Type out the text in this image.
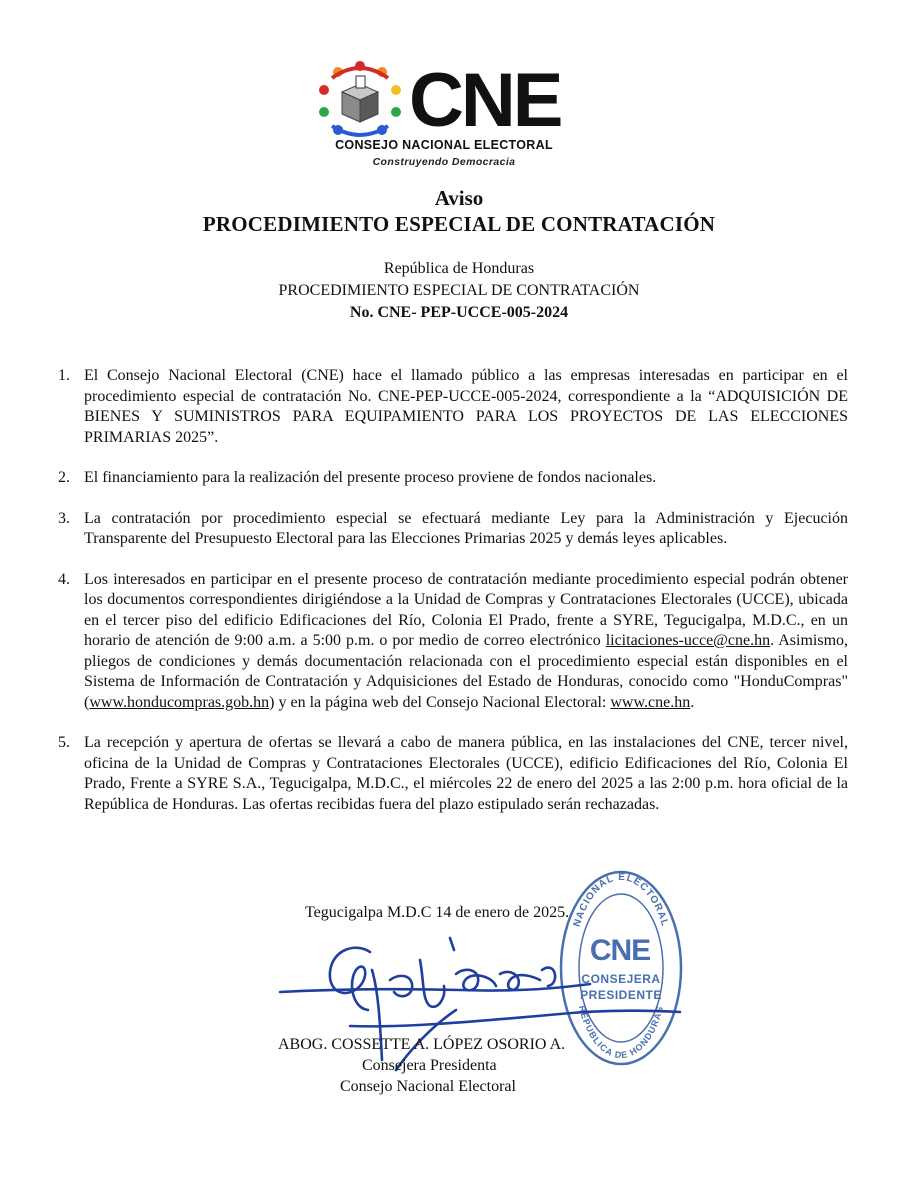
CNE
CONSEJO NACIONAL ELECTORAL
Construyendo Democracia
Aviso
PROCEDIMIENTO ESPECIAL DE CONTRATACIÓN
República de Honduras
PROCEDIMIENTO ESPECIAL DE CONTRATACIÓN
No. CNE- PEP-UCCE-005-2024
1. El Consejo Nacional Electoral (CNE) hace el llamado público a las empresas interesadas en participar en el procedimiento especial de contratación No. CNE-PEP-UCCE-005-2024, correspondiente a la “ADQUISICIÓN DE BIENES Y SUMINISTROS PARA EQUIPAMIENTO PARA LOS PROYECTOS DE LAS ELECCIONES PRIMARIAS 2025”.
2. El financiamiento para la realización del presente proceso proviene de fondos nacionales.
3. La contratación por procedimiento especial se efectuará mediante Ley para la Administración y Ejecución Transparente del Presupuesto Electoral para las Elecciones Primarias 2025 y demás leyes aplicables.
4. Los interesados en participar en el presente proceso de contratación mediante procedimiento especial podrán obtener los documentos correspondientes dirigiéndose a la Unidad de Compras y Contrataciones Electorales (UCCE), ubicada en el tercer piso del edificio Edificaciones del Río, Colonia El Prado, frente a SYRE, Tegucigalpa, M.D.C., en un horario de atención de 9:00 a.m. a 5:00 p.m. o por medio de correo electrónico licitaciones-ucce@cne.hn. Asimismo, pliegos de condiciones y demás documentación relacionada con el procedimiento especial están disponibles en el Sistema de Información de Contratación y Adquisiciones del Estado de Honduras, conocido como "HonduCompras" (www.honducompras.gob.hn) y en la página web del Consejo Nacional Electoral: www.cne.hn.
5. La recepción y apertura de ofertas se llevará a cabo de manera pública, en las instalaciones del CNE, tercer nivel, oficina de la Unidad de Compras y Contrataciones Electorales (UCCE), edificio Edificaciones del Río, Colonia El Prado, Frente a SYRE S.A., Tegucigalpa, M.D.C., el miércoles 22 de enero del 2025 a las 2:00 p.m. hora oficial de la República de Honduras. Las ofertas recibidas fuera del plazo estipulado serán rechazadas.
Tegucigalpa M.D.C 14 de enero de 2025.
NACIONAL ELECTORAL
REPUBLICA DE HONDURAS
CNE
CONSEJERA
PRESIDENTE
ABOG. COSSETTE A. LÓPEZ OSORIO A.
Consejera Presidenta
Consejo Nacional Electoral
